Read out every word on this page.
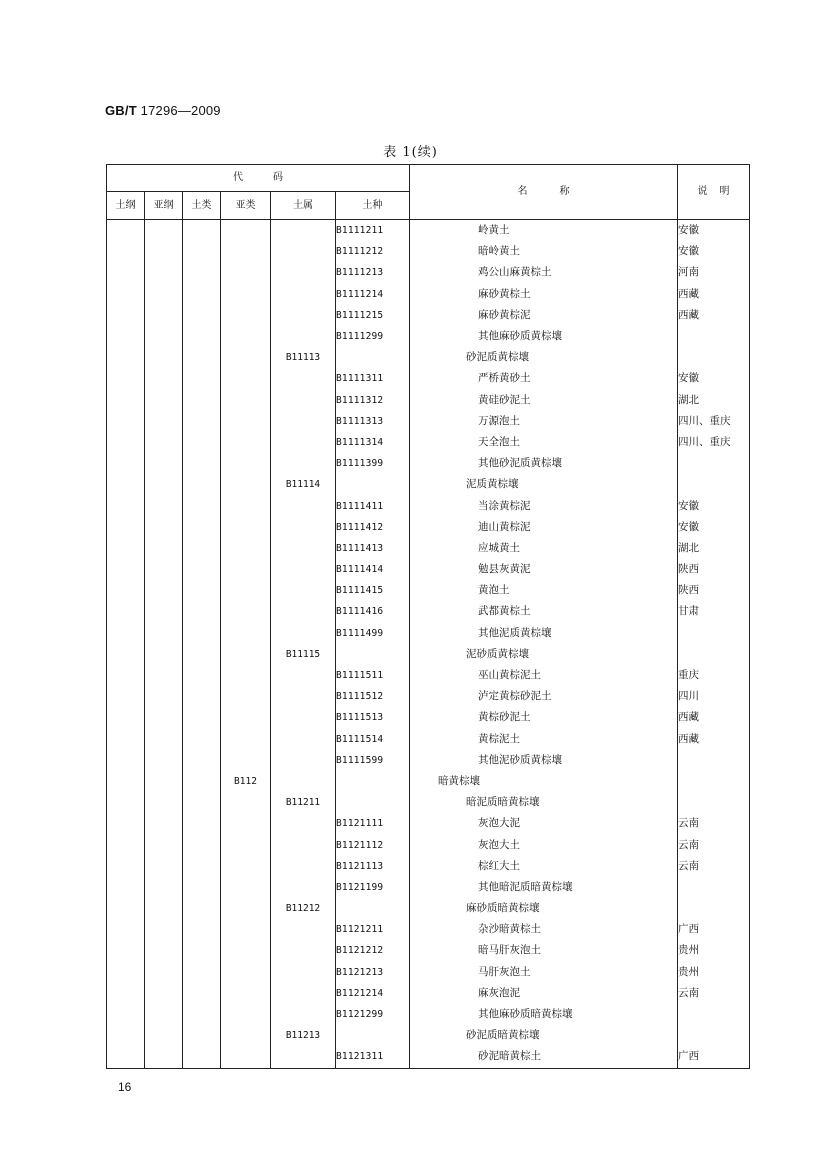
GB/T 17296—2009
表 1(续)
代码						名称	说明
土纲	亚纲	土类	亚类	土属	土种		
					B1111211	岭黄土	安徽
					B1111212	暗岭黄土	安徽
					B1111213	鸡公山麻黄棕土	河南
					B1111214	麻砂黄棕土	西藏
					B1111215	麻砂黄棕泥	西藏
					B1111299	其他麻砂质黄棕壤	
				B11113		砂泥质黄棕壤	
					B1111311	严桥黄砂土	安徽
					B1111312	黄硅砂泥土	湖北
					B1111313	万源泡土	四川、重庆
					B1111314	天全泡土	四川、重庆
					B1111399	其他砂泥质黄棕壤	
				B11114		泥质黄棕壤	
					B1111411	当涂黄棕泥	安徽
					B1111412	迪山黄棕泥	安徽
					B1111413	应城黄土	湖北
					B1111414	勉县灰黄泥	陕西
					B1111415	黄泡土	陕西
					B1111416	武都黄棕土	甘肃
					B1111499	其他泥质黄棕壤	
				B11115		泥砂质黄棕壤	
					B1111511	巫山黄棕泥土	重庆
					B1111512	泸定黄棕砂泥土	四川
					B1111513	黄棕砂泥土	西藏
					B1111514	黄棕泥土	西藏
					B1111599	其他泥砂质黄棕壤	
			B112			暗黄棕壤	
				B11211		暗泥质暗黄棕壤	
					B1121111	灰泡大泥	云南
					B1121112	灰泡大土	云南
					B1121113	棕红大土	云南
					B1121199	其他暗泥质暗黄棕壤	
				B11212		麻砂质暗黄棕壤	
					B1121211	杂沙暗黄棕土	广西
					B1121212	暗马肝灰泡土	贵州
					B1121213	马肝灰泡土	贵州
					B1121214	麻灰泡泥	云南
					B1121299	其他麻砂质暗黄棕壤	
				B11213		砂泥质暗黄棕壤	
					B1121311	砂泥暗黄棕土	广西
16
